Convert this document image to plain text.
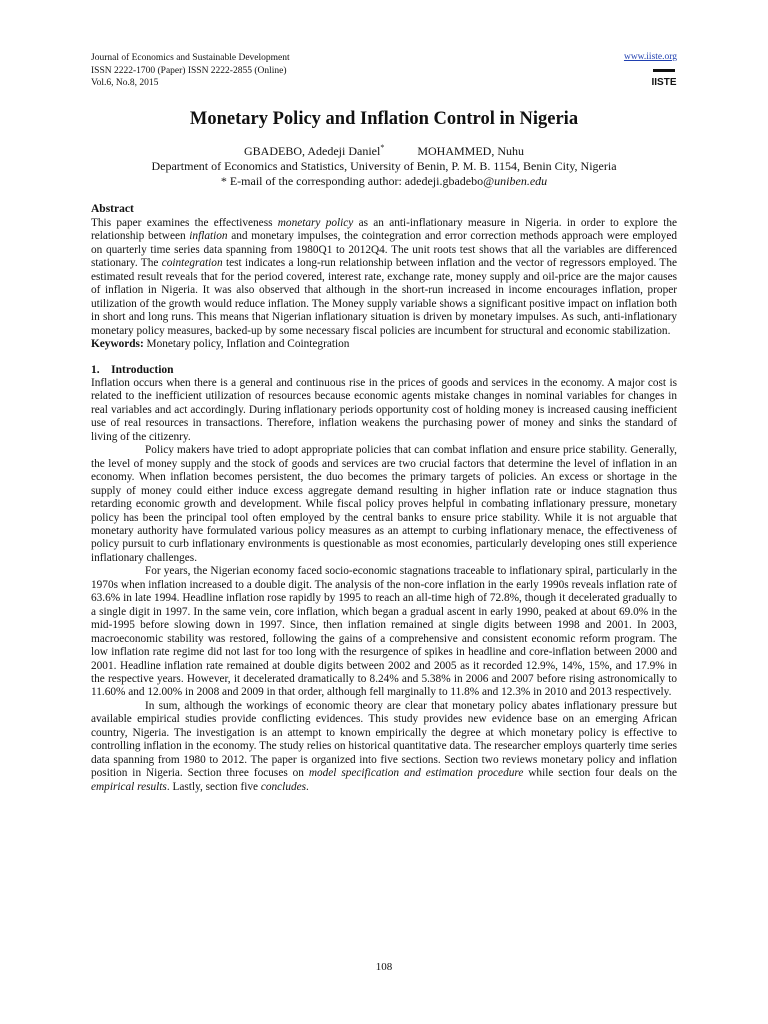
Journal of Economics and Sustainable Development
ISSN 2222-1700 (Paper) ISSN 2222-2855 (Online)
Vol.6, No.8, 2015
www.iiste.org
IISTE
Monetary Policy and Inflation Control in Nigeria
GBADEBO, Adedeji Daniel*	MOHAMMED, Nuhu
Department of Economics and Statistics, University of Benin, P. M. B. 1154, Benin City, Nigeria
* E-mail of the corresponding author: adedeji.gbadebo@uniben.edu
Abstract

This paper examines the effectiveness monetary policy as an anti-inflationary measure in Nigeria. in order to explore the relationship between inflation and monetary impulses, the cointegration and error correction methods approach were employed on quarterly time series data spanning from 1980Q1 to 2012Q4. The unit roots test shows that all the variables are differenced stationary. The cointegration test indicates a long-run relationship between inflation and the vector of regressors employed. The estimated result reveals that for the period covered, interest rate, exchange rate, money supply and oil-price are the major causes of inflation in Nigeria. It was also observed that although in the short-run increased in income encourages inflation, proper utilization of the growth would reduce inflation. The Money supply variable shows a significant positive impact on inflation both in short and long runs. This means that Nigerian inflationary situation is driven by monetary impulses. As such, anti-inflationary monetary policy measures, backed-up by some necessary fiscal policies are incumbent for structural and economic stabilization.

Keywords: Monetary policy, Inflation and Cointegration

1.    Introduction

Inflation occurs when there is a general and continuous rise in the prices of goods and services in the economy. A major cost is related to the inefficient utilization of resources because economic agents mistake changes in nominal variables for changes in real variables and act accordingly. During inflationary periods opportunity cost of holding money is increased causing inefficient use of real resources in transactions. Therefore, inflation weakens the purchasing power of money and sinks the standard of living of the citizenry.

Policy makers have tried to adopt appropriate policies that can combat inflation and ensure price stability. Generally, the level of money supply and the stock of goods and services are two crucial factors that determine the level of inflation in an economy. When inflation becomes persistent, the duo becomes the primary targets of policies. An excess or shortage in the supply of money could either induce excess aggregate demand resulting in higher inflation rate or induce stagnation thus retarding economic growth and development. While fiscal policy proves helpful in combating inflationary pressure, monetary policy has been the principal tool often employed by the central banks to ensure price stability. While it is not arguable that monetary authority have formulated various policy measures as an attempt to curbing inflationary menace, the effectiveness of policy pursuit to curb inflationary environments is questionable as most economies, particularly developing ones still experience inflationary challenges.

For years, the Nigerian economy faced socio-economic stagnations traceable to inflationary spiral, particularly in the 1970s when inflation increased to a double digit. The analysis of the non-core inflation in the early 1990s reveals inflation rate of 63.6% in late 1994. Headline inflation rose rapidly by 1995 to reach an all-time high of 72.8%, though it decelerated gradually to a single digit in 1997. In the same vein, core inflation, which began a gradual ascent in early 1990, peaked at about 69.0% in the mid-1995 before slowing down in 1997. Since, then inflation remained at single digits between 1998 and 2001. In 2003, macroeconomic stability was restored, following the gains of a comprehensive and consistent economic reform program. The low inflation rate regime did not last for too long with the resurgence of spikes in headline and core-inflation between 2000 and 2001. Headline inflation rate remained at double digits between 2002 and 2005 as it recorded 12.9%, 14%, 15%, and 17.9% in the respective years. However, it decelerated dramatically to 8.24% and 5.38% in 2006 and 2007 before rising astronomically to 11.60% and 12.00% in 2008 and 2009 in that order, although fell marginally to 11.8% and 12.3% in 2010 and 2013 respectively.

In sum, although the workings of economic theory are clear that monetary policy abates inflationary pressure but available empirical studies provide conflicting evidences. This study provides new evidence base on an emerging African country, Nigeria. The investigation is an attempt to known empirically the degree at which monetary policy is effective to controlling inflation in the economy. The study relies on historical quantitative data. The researcher employs quarterly time series data spanning from 1980 to 2012. The paper is organized into five sections. Section two reviews monetary policy and inflation position in Nigeria. Section three focuses on model specification and estimation procedure while section four deals on the empirical results. Lastly, section five concludes.

108
